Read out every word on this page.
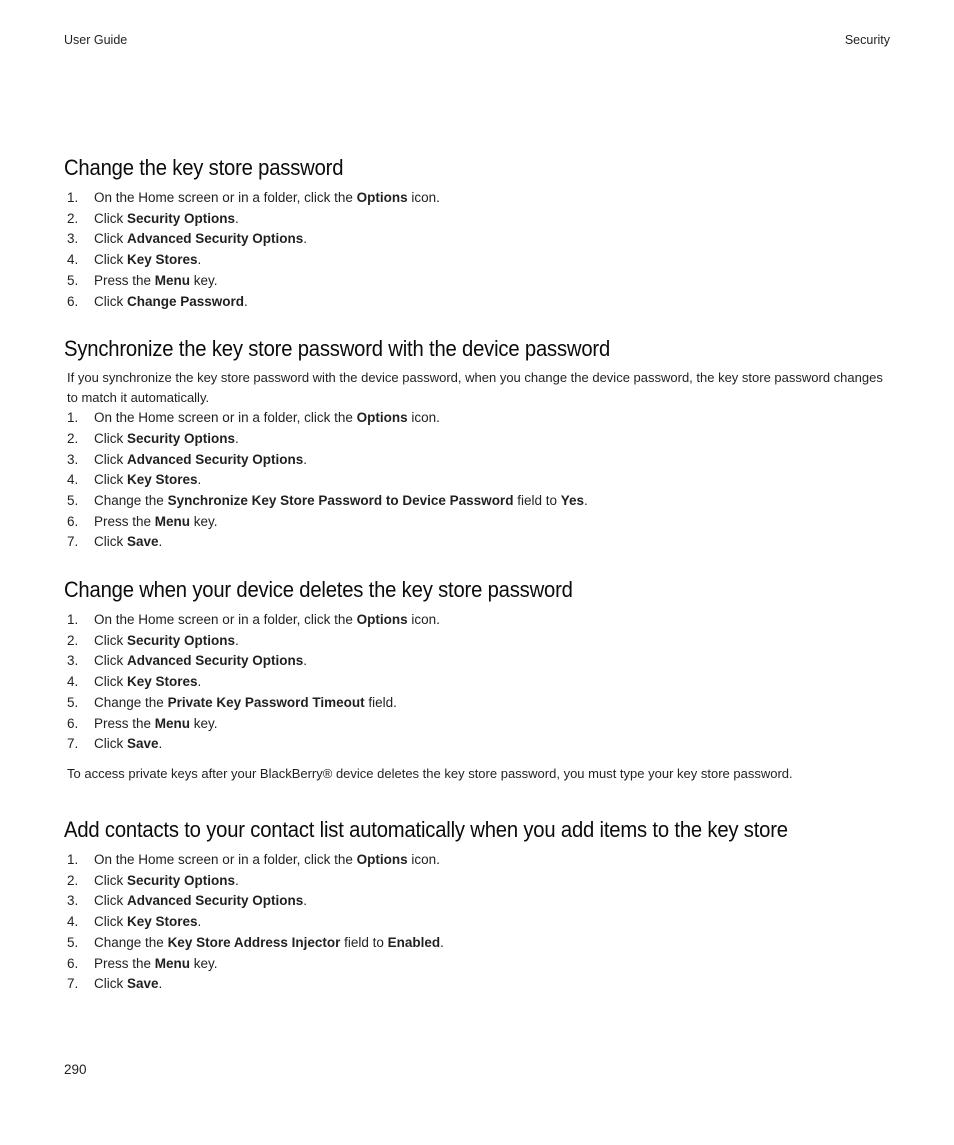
User Guide	Security
Change the key store password
1. On the Home screen or in a folder, click the Options icon.
2. Click Security Options.
3. Click Advanced Security Options.
4. Click Key Stores.
5. Press the Menu key.
6. Click Change Password.
Synchronize the key store password with the device password

If you synchronize the key store password with the device password, when you change the device password, the key store password changes to match it automatically.

1. On the Home screen or in a folder, click the Options icon.
2. Click Security Options.
3. Click Advanced Security Options.
4. Click Key Stores.
5. Change the Synchronize Key Store Password to Device Password field to Yes.
6. Press the Menu key.
7. Click Save.
Change when your device deletes the key store password
1. On the Home screen or in a folder, click the Options icon.
2. Click Security Options.
3. Click Advanced Security Options.
4. Click Key Stores.
5. Change the Private Key Password Timeout field.
6. Press the Menu key.
7. Click Save.

To access private keys after your BlackBerry® device deletes the key store password, you must type your key store password.

Add contacts to your contact list automatically when you add items to the key store
1. On the Home screen or in a folder, click the Options icon.
2. Click Security Options.
3. Click Advanced Security Options.
4. Click Key Stores.
5. Change the Key Store Address Injector field to Enabled.
6. Press the Menu key.
7. Click Save.
290
